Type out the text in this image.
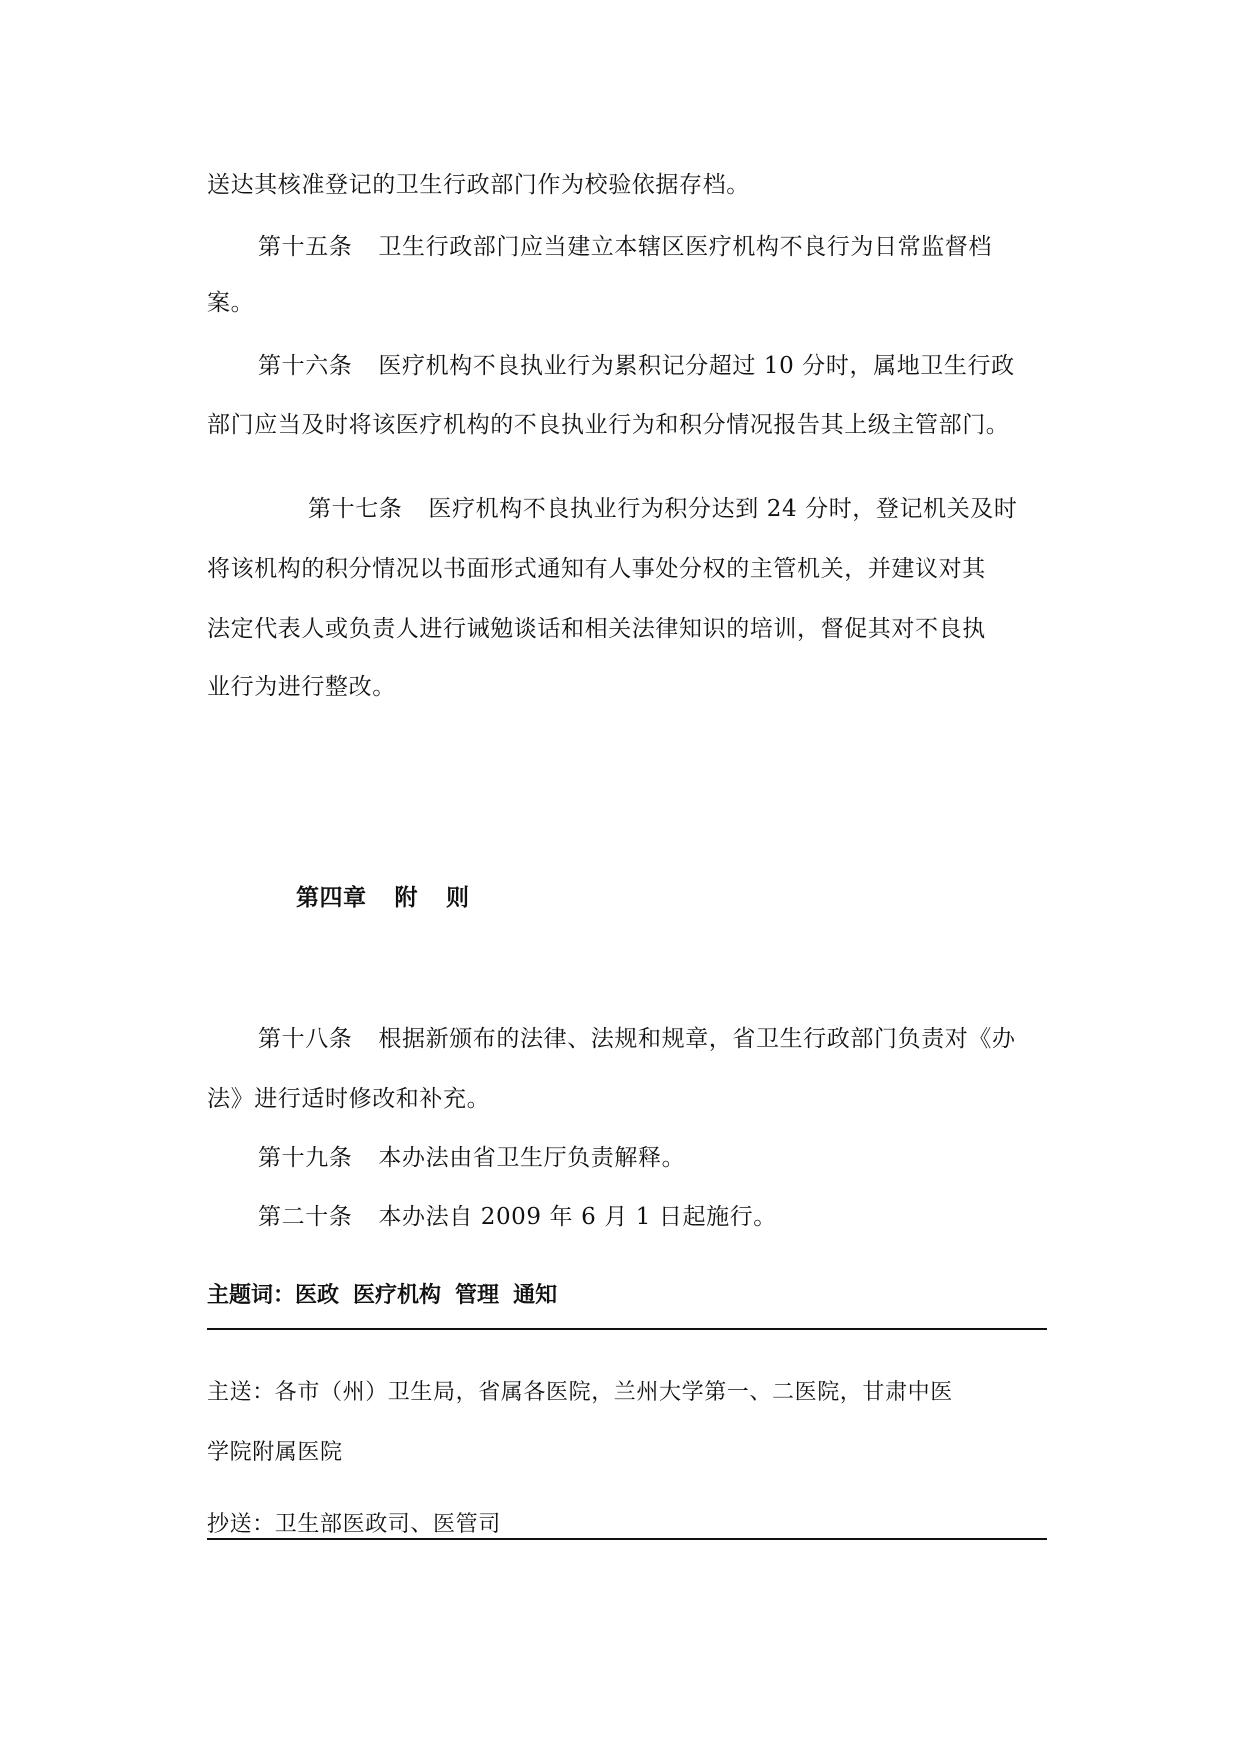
送达其核准登记的卫生行政部门作为校验依据存档。

第十五条 卫生行政部门应当建立本辖区医疗机构不良行为日常监督档

案。

第十六条 医疗机构不良执业行为累积记分超过 10 分时，属地卫生行政

部门应当及时将该医疗机构的不良执业行为和积分情况报告其上级主管部门。

第十七条 医疗机构不良执业行为积分达到 24 分时，登记机关及时

将该机构的积分情况以书面形式通知有人事处分权的主管机关，并建议对其

法定代表人或负责人进行诫勉谈话和相关法律知识的培训，督促其对不良执

业行为进行整改。

第四章 附 则

第十八条 根据新颁布的法律、法规和规章，省卫生行政部门负责对《办

法》进行适时修改和补充。

第十九条 本办法由省卫生厅负责解释。

第二十条 本办法自 2009 年 6 月 1 日起施行。

主题词：医政 医疗机构 管理 通知

主送：各市（州）卫生局，省属各医院，兰州大学第一、二医院，甘肃中医

学院附属医院

抄送：卫生部医政司、医管司
